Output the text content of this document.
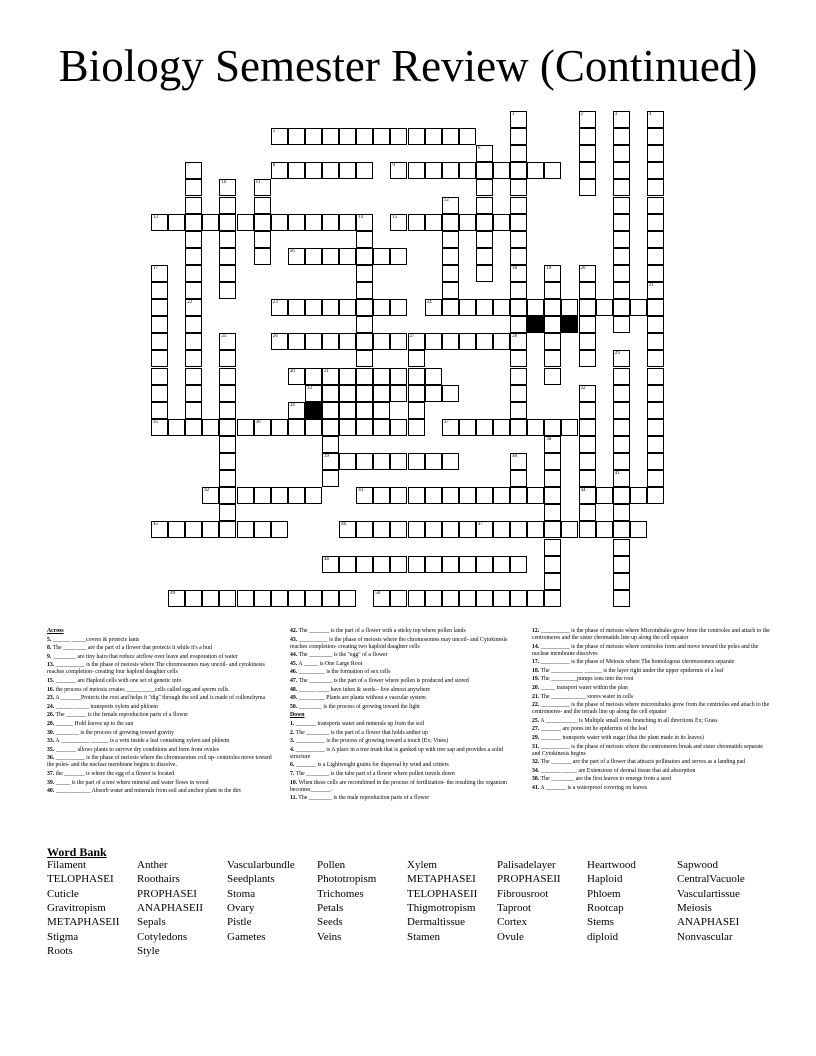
Biology Semester Review (Continued)
5
8	9
13	15
16
23	24
26	27	28
30	31
33
34
35	36	37
39
42	43	44
45	46	47
48
49	50
1
18
2	3	4
21
6
7
22
10	11
12
14
17	19	20
25
29
32
38
40
41

Across

5. ______ _____covers & protects lants

8. The ________ are the part of a flower that protects it while it's a bud

9. ________ are tiny hairs that reduce airflow over leave and evaporation of water

13. __________ is the phase of meiosis where The chromosomes may uncoil- and cytokinesis reaches completion- creating four haploid daughter cells

15. _______ are Haploid cells with one set of genetic info

16. the process of meiosis creates __________cells called egg and sperm cells.

23. A _______Protects the root and helps it "dig" through the soil and is made of collenchyma

24. ______ _____ transports xylem and phloem

26. The _______ is the female reproduction parts of a flower

28. ______ Hold leaves up to the sun

30. ________ is the process of growing toward gravity

33. A __________ ______ is a vein inside a leaf containing xylem and phloem

35. _______ allows plants to survive dry conditions and form from ovules

36. __________ is the phase of meiosis where the chromosomes coil up- centrioles move toward the poles- and the nuclear membrane begins to dissolve.

37. the _______ is where the egg of a flower is located

39. _____ is the part of a tree where mineral and water flows in wood

40. ____________ Absorb water and minerals from soil and anchor plant in the dirt

42. The _______ is the part of a flower with a sticky top where pollen lands

43. __________ is the phase of meiosis where the chromosomes may uncoil- and Cytokinesis reaches completion- creating two haploid daughter cells

44. The ________ is the "egg" of a flower

45. A _____ is One Large Root

46. _________ is the formation of sex cells

47. The ________ is the part of a flower where pollen is produced and stored

48. ______ ____ have tubes & seeds-- live almost anywhere

49. _________ Plants are plants without a vascular system

50. ________ is the process of growing toward the light

Down

1. _______ transports water and minerals up from the soil

2. The ________ is the part of a flower that holds anther up

3. __________ is the process of growing toward a touch (Ex; Vines)

4. __________ is A place in a tree trunk that is gunked up with tree sap and provides a solid structure

6. _______ is a Lightweight grains for dispersal by wind and critters

7. The ________ is the tube part of a flower where pollen travels down

10. When these cells are recombined in the process of fertilization- the resulting the organism becomes_______.

11. The ________ is the male reproduction parts of a flower

12. __________ is the phase of meiosis where Microtubules grow from the centrioles and attach to the centromeres and the sister chromatids line up along the cell equator

14. __________ is the phase of meiosis where centrioles form and move toward the poles and the nuclear membrane dissolves

17. __________ is the phase of Meiosis where The homologous chromosomes separate

18. The ___________ ______ is the layer right under the upper epidermis of a leaf

19. The _________pumps ions into the root

20. _____ transport water within the plan

21. The ____________ stores water in cells

22. __________ is the phase of meiosis where microtubules grow from the centrioles and attach to the centromeres- and the tetrads line up along the cell equator

25. A ___________ is Multiple small roots branching in all directions Ex; Grass

27. _______ are pores int he epidermis of the leaf

29. _______ transports water with sugar (that the plant made in its leaves)

31. __________ is the phase of meiosis where the centromeres break and sister chromatids separate and Cytokinesis begins

32. The _______ are the part of a flower that attracts pollinators and serves as a landing pad

34. _______ _____ are Extensions of dermal tissue that aid absorption

38. The ________ are the first leaves to emerge from a seed

41. A _______ is a waterproof covering on leaves

Word Bank
Filament	Anther	Vascularbundle Pollen	Xylem	Palisadelayer	Heartwood	Sapwood
TELOPHASEI Roothairs	Seedplants	Phototropism	METAPHASEI PROPHASEII Haploid	CentralVacuole
Cuticle	PROPHASEI	Stoma	Trichomes	TELOPHASEII Fibrousroot	Phloem	Vasculartissue
Gravitropism	ANAPHASEII Ovary	Petals	Thigmotropism Taproot	Rootcap	Meiosis
METAPHASEII Sepals	Pistle	Seeds	Dermaltissue	Cortex	Stems	ANAPHASEI
Stigma	Cotyledons	Gametes	Veins	Stamen	Ovule	diploid	Nonvascular
Roots	Style
